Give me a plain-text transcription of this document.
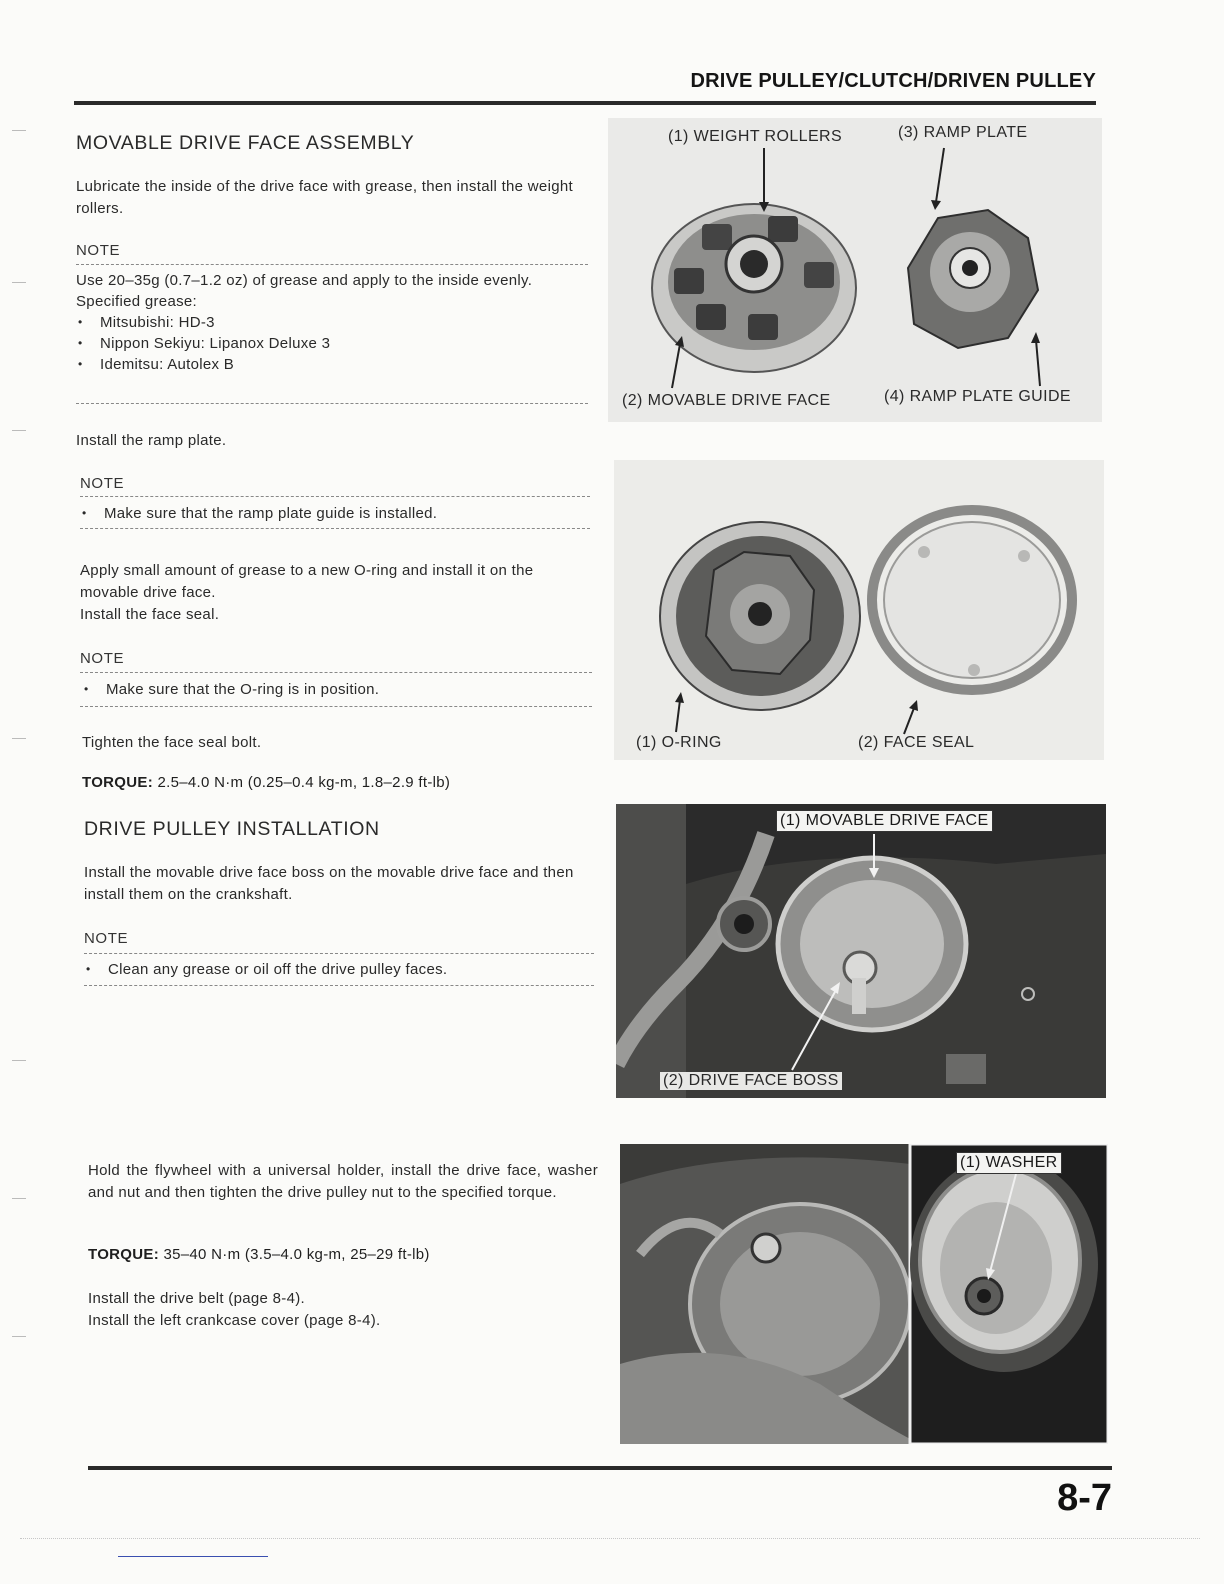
DRIVE PULLEY/CLUTCH/DRIVEN PULLEY
MOVABLE DRIVE FACE ASSEMBLY
Lubricate the inside of the drive face with grease, then install the weight rollers.
NOTE
Use 20–35g (0.7–1.2 oz) of grease and apply to the inside evenly.
Specified grease:
• Mitsubishi: HD-3
• Nippon Sekiyu: Lipanox Deluxe 3
• Idemitsu: Autolex B
Install the ramp plate.
NOTE
• Make sure that the ramp plate guide is installed.
Apply small amount of grease to a new O-ring and install it on the movable drive face.
Install the face seal.
NOTE
• Make sure that the O-ring is in position.
Tighten the face seal bolt.
TORQUE: 2.5–4.0 N·m (0.25–0.4 kg-m, 1.8–2.9 ft-lb)
DRIVE PULLEY INSTALLATION
Install the movable drive face boss on the movable drive face and then install them on the crankshaft.
NOTE
• Clean any grease or oil off the drive pulley faces.
Hold the flywheel with a universal holder, install the drive face, washer and nut and then tighten the drive pulley nut to the specified torque.
TORQUE: 35–40 N·m (3.5–4.0 kg-m, 25–29 ft-lb)
Install the drive belt (page 8-4).
Install the left crankcase cover (page 8-4).
(1) WEIGHT ROLLERS	(3) RAMP PLATE
(2) MOVABLE DRIVE FACE	(4) RAMP PLATE GUIDE
(1) O-RING	(2) FACE SEAL
(1) MOVABLE DRIVE FACE
(2) DRIVE FACE BOSS
(1) WASHER
8-7
